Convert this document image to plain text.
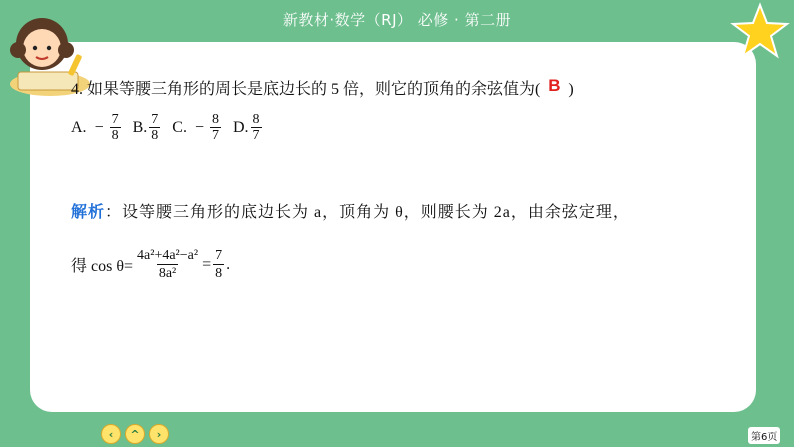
新教材·数学（RJ） 必修 · 第二册
4. 如果等腰三角形的周长是底边长的 5 倍，则它的顶角的余弦值为( B )
A. − $\frac{7}{8} B$. $\frac{7}{8} C$. − $\frac{8}{7} D$. $\frac{8}{7}$
解析：设等腰三角形的底边长为 a，顶角为 θ，则腰长为 2a，由余弦定理，
得 $\cos \theta= \frac{\text{4a²+4a²−a²}}{\text{8a²}} = \frac{7}{8}$ .
‹	^	›	第6页
